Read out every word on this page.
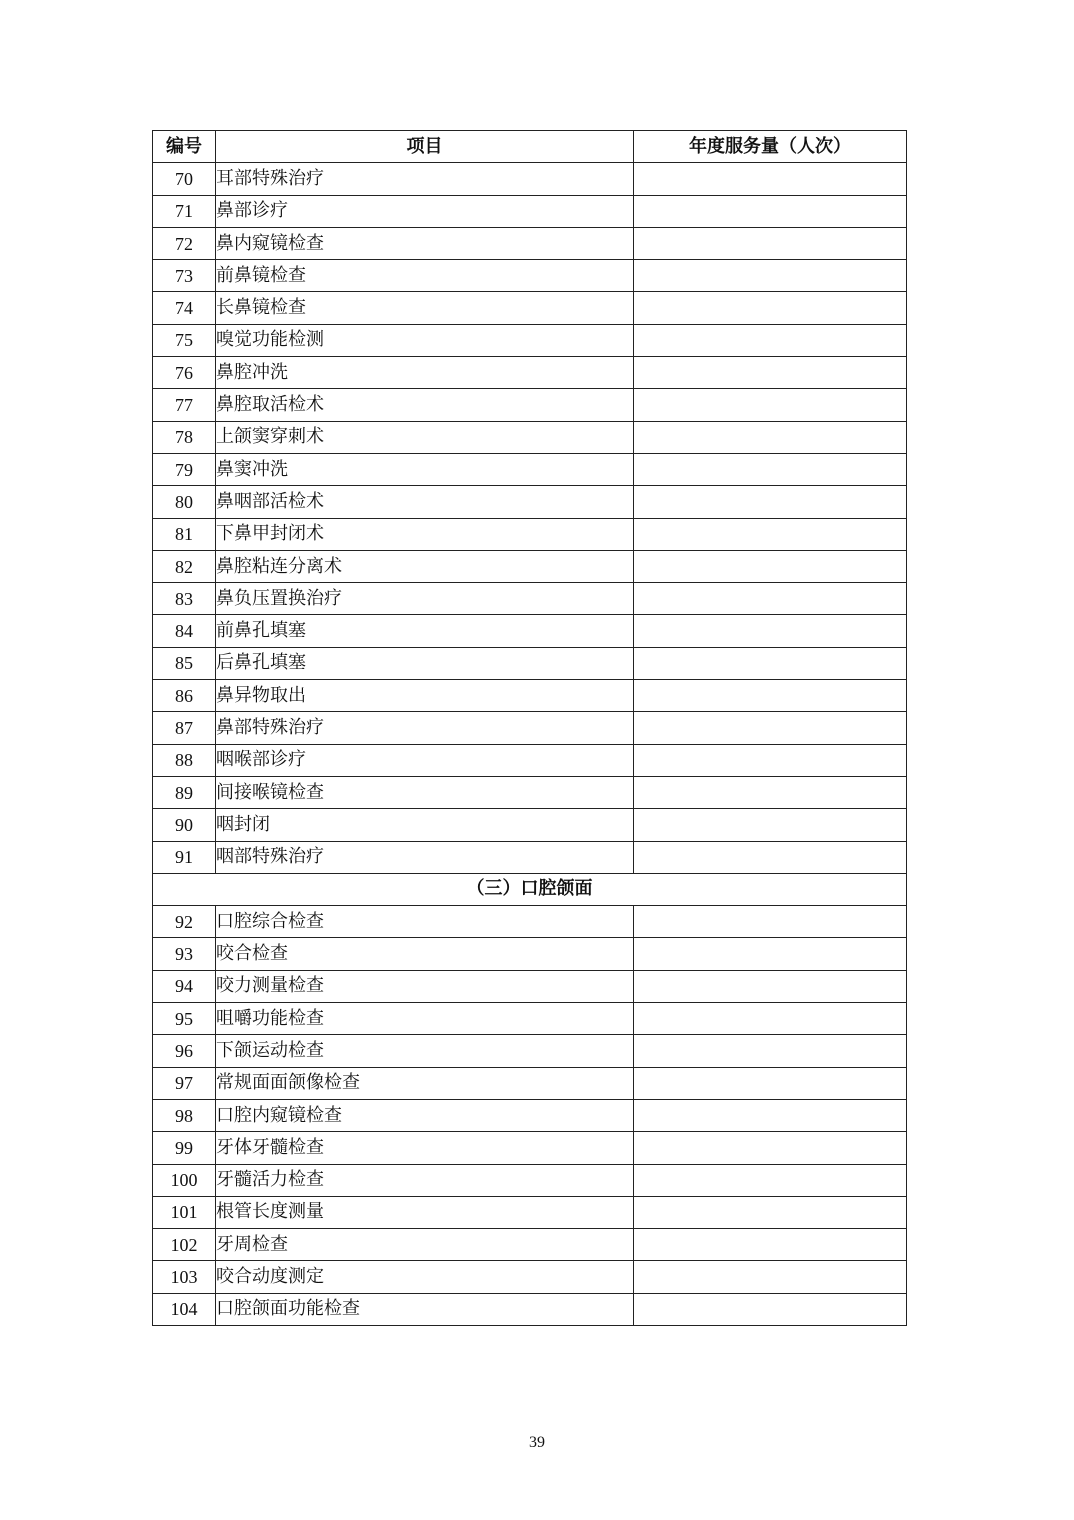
编号	项目	年度服务量（人次）
70	耳部特殊治疗	
71	鼻部诊疗	
72	鼻内窥镜检查	
73	前鼻镜检查	
74	长鼻镜检查	
75	嗅觉功能检测	
76	鼻腔冲洗	
77	鼻腔取活检术	
78	上颌窦穿刺术	
79	鼻窦冲洗	
80	鼻咽部活检术	
81	下鼻甲封闭术	
82	鼻腔粘连分离术	
83	鼻负压置换治疗	
84	前鼻孔填塞	
85	后鼻孔填塞	
86	鼻异物取出	
87	鼻部特殊治疗	
88	咽喉部诊疗	
89	间接喉镜检查	
90	咽封闭	
91	咽部特殊治疗	
（三）口腔颌面		
92	口腔综合检查	
93	咬合检查	
94	咬力测量检查	
95	咀嚼功能检查	
96	下颌运动检查	
97	常规面面颌像检查	
98	口腔内窥镜检查	
99	牙体牙髓检查	
100	牙髓活力检查	
101	根管长度测量	
102	牙周检查	
103	咬合动度测定	
104	口腔颌面功能检查	
39
